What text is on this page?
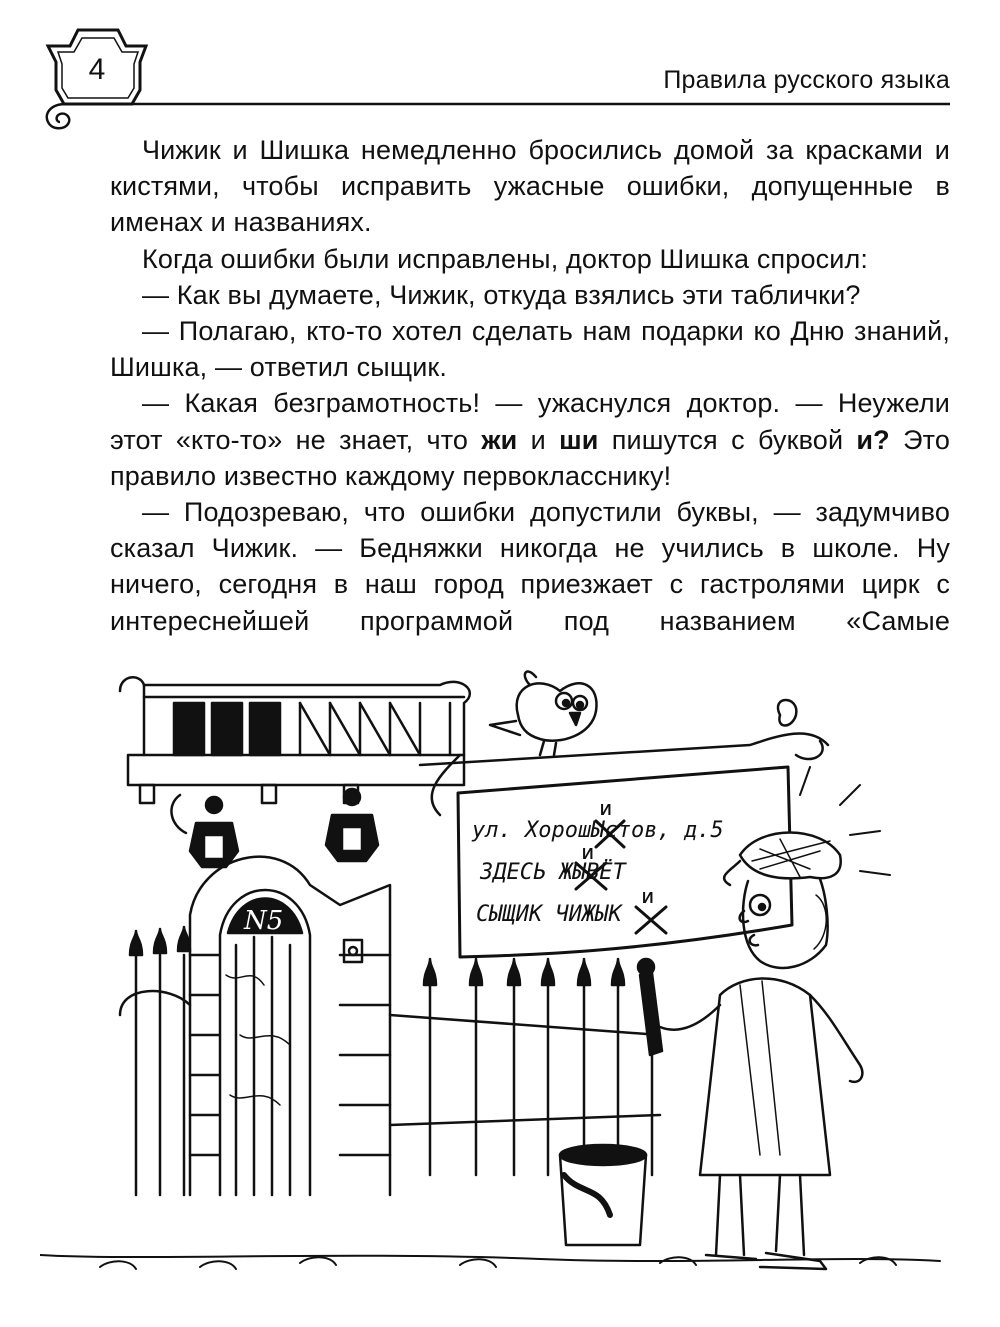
4	Правила русского языка

Чижик и Шишка немедленно бросились домой за красками и кистями, чтобы исправить ужасные ошибки, допущенные в именах и названиях.

Когда ошибки были исправлены, доктор Шишка спросил:

— Как вы думаете, Чижик, откуда взялись эти таблички?

— Полагаю, кто-то хотел сделать нам подарки ко Дню знаний, Шишка, — ответил сыщик.

— Какая безграмотность! — ужаснулся доктор. — Неужели этот «кто-то» не знает, что жи и ши пишутся с буквой и? Это правило известно каждому первокласснику!

— Подозреваю, что ошибки допустили буквы, — задумчиво сказал Чижик. — Бедняжки никогда не учились в школе. Ну ничего, сегодня в наш город приезжает с гастролями цирк с интереснейшей программой под названием «Самые

N5
ул. ХорошЫстов, д.5
ЗДЕСЬ ЖЫВЁТ
СЫЩИК ЧИЖЫК
И
И
И
